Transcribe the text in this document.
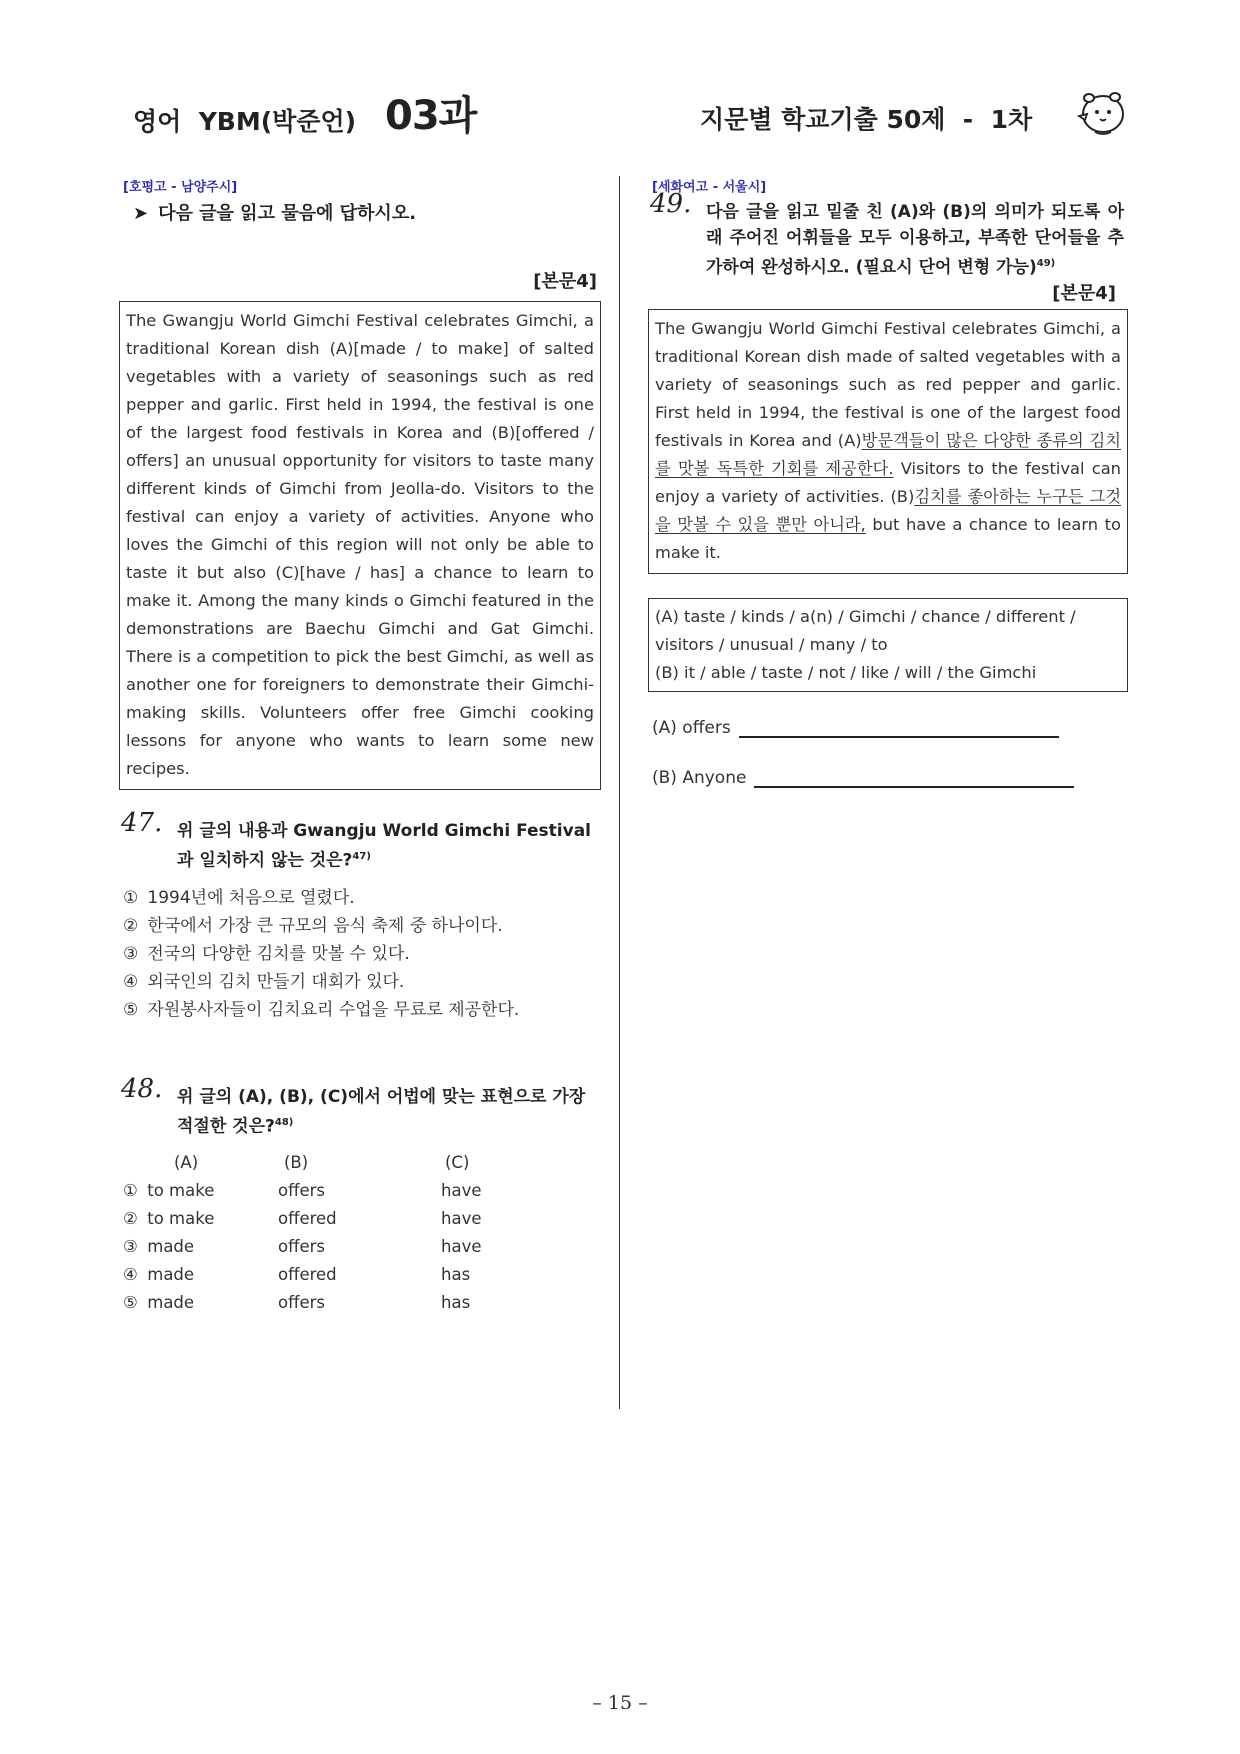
영어  YBM(박준언) 03과	지문별 학교기출 50제  -  1차
[호평고 - 남양주시]
➤ 다음 글을 읽고 물음에 답하시오.
[본문4]
The Gwangju World Gimchi Festival celebrates Gimchi, a traditional Korean dish (A)[made / to make] of salted vegetables with a variety of seasonings such as red pepper and garlic. First held in 1994, the festival is one of the largest food festivals in Korea and (B)[offered / offers] an unusual opportunity for visitors to taste many different kinds of Gimchi from Jeolla-do. Visitors to the festival can enjoy a variety of activities. Anyone who loves the Gimchi of this region will not only be able to taste it but also (C)[have / has] a chance to learn to make it. Among the many kinds o Gimchi featured in the demonstrations are Baechu Gimchi and Gat Gimchi. There is a competition to pick the best Gimchi, as well as another one for foreigners to demonstrate their Gimchi-making skills. Volunteers offer free Gimchi cooking lessons for anyone who wants to learn some new recipes.
47. 위 글의 내용과 Gwangju World Gimchi Festival과 일치하지 않는 것은?$^{47)}$
① 1994년에 처음으로 열렸다.
② 한국에서 가장 큰 규모의 음식 축제 중 하나이다.
③ 전국의 다양한 김치를 맛볼 수 있다.
④ 외국인의 김치 만들기 대회가 있다.
⑤ 자원봉사자들이 김치요리 수업을 무료로 제공한다.
48. 위 글의 (A), (B), (C)에서 어법에 맞는 표현으로 가장 적절한 것은?$^{48)}$
(A)	(B)	(C)
① to make	offers	have
② to make	offered	have
③ made	offers	have
④ made	offered	has
⑤ made	offers	has
[세화여고 - 서울시]
49. 다음 글을 읽고 밑줄 친 (A)와 (B)의 의미가 되도록 아래 주어진 어휘들을 모두 이용하고, 부족한 단어들을 추가하여 완성하시오. (필요시 단어 변형 가능)$^{49)}$
[본문4]
The Gwangju World Gimchi Festival celebrates Gimchi, a traditional Korean dish made of salted vegetables with a variety of seasonings such as red pepper and garlic. First held in 1994, the festival is one of the largest food festivals in Korea and (A)방문객들이 많은 다양한 종류의 김치를 맛볼 독특한 기회를 제공한다. Visitors to the festival can enjoy a variety of activities. (B)김치를 좋아하는 누구든 그것을 맛볼 수 있을 뿐만 아니라, but have a chance to learn to make it.
(A) taste / kinds / a(n) / Gimchi / chance / different / visitors / unusual / many / to
(B) it / able / taste / not / like / will / the Gimchi
(A) offers
(B) Anyone
– 15 –
